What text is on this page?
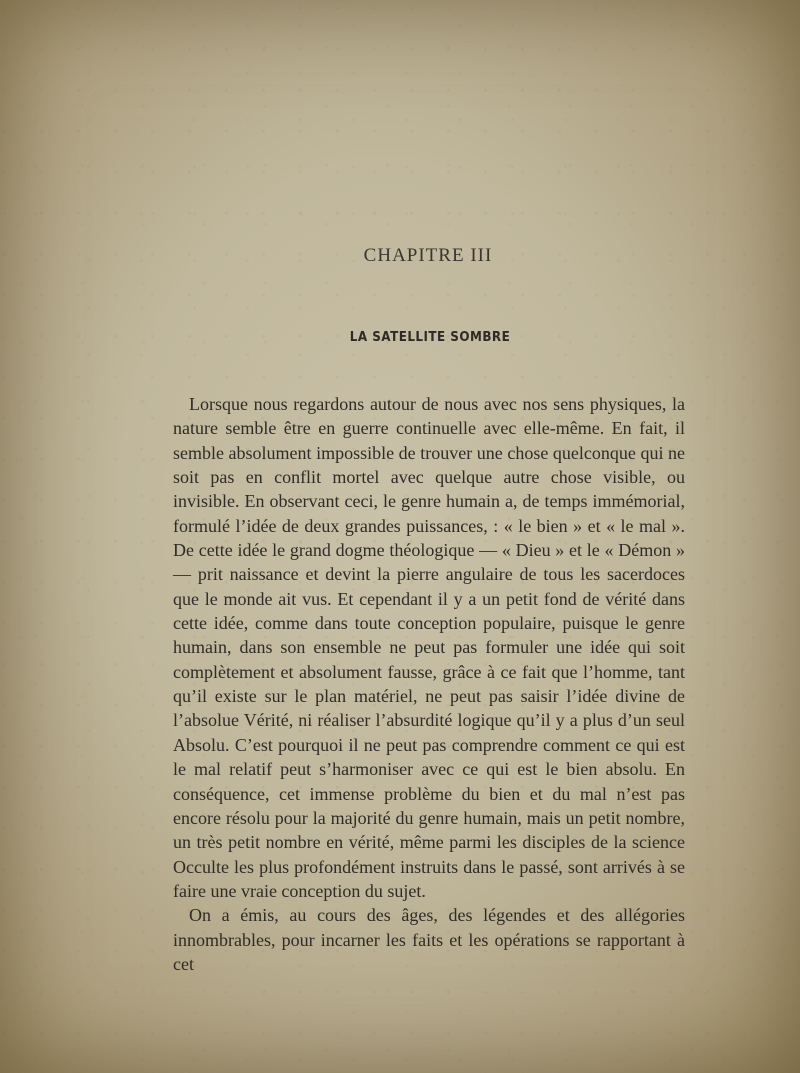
CHAPITRE III
LA SATELLITE SOMBRE

Lorsque nous regardons autour de nous avec nos sens physiques, la nature semble être en guerre continuelle avec elle-même. En fait, il semble absolument impossible de trouver une chose quelconque qui ne soit pas en conflit mortel avec quelque autre chose visible, ou invisible. En observant ceci, le genre humain a, de temps immémorial, formulé l’idée de deux grandes puissances, : « le bien » et « le mal ». De cette idée le grand dogme théologique — « Dieu » et le « Démon » — prit naissance et devint la pierre angulaire de tous les sacerdoces que le monde ait vus. Et cependant il y a un petit fond de vérité dans cette idée, comme dans toute conception populaire, puisque le genre humain, dans son ensemble ne peut pas formuler une idée qui soit complètement et absolument fausse, grâce à ce fait que l’homme, tant qu’il existe sur le plan matériel, ne peut pas saisir l’idée divine de l’absolue Vérité, ni réaliser l’absurdité logique qu’il y a plus d’un seul Absolu. C’est pourquoi il ne peut pas comprendre comment ce qui est le mal relatif peut s’harmoniser avec ce qui est le bien absolu. En conséquence, cet immense problème du bien et du mal n’est pas encore résolu pour la majorité du genre humain, mais un petit nombre, un très petit nombre en vérité, même parmi les disciples de la science Occulte les plus profondément instruits dans le passé, sont arrivés à se faire une vraie conception du sujet.

On a émis, au cours des âges, des légendes et des allégories innombrables, pour incarner les faits et les opérations se rapportant à cet
